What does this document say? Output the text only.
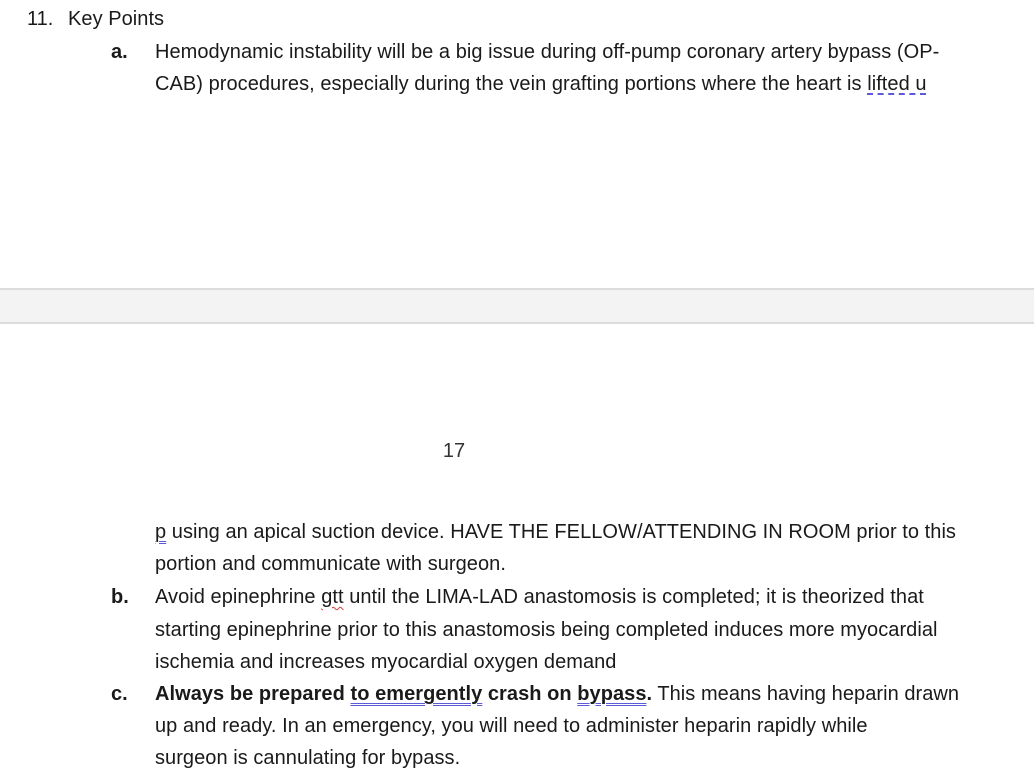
11. Key Points
a. Hemodynamic instability will be a big issue during off-pump coronary artery bypass (OP-
CAB) procedures, especially during the vein grafting portions where the heart is lifted u
17
p using an apical suction device. HAVE THE FELLOW/ATTENDING IN ROOM prior to this
portion and communicate with surgeon.
b. Avoid epinephrine gtt until the LIMA-LAD anastomosis is completed; it is theorized that
starting epinephrine prior to this anastomosis being completed induces more myocardial
ischemia and increases myocardial oxygen demand
c. Always be prepared to emergently crash on bypass. This means having heparin drawn
up and ready. In an emergency, you will need to administer heparin rapidly while
surgeon is cannulating for bypass.
